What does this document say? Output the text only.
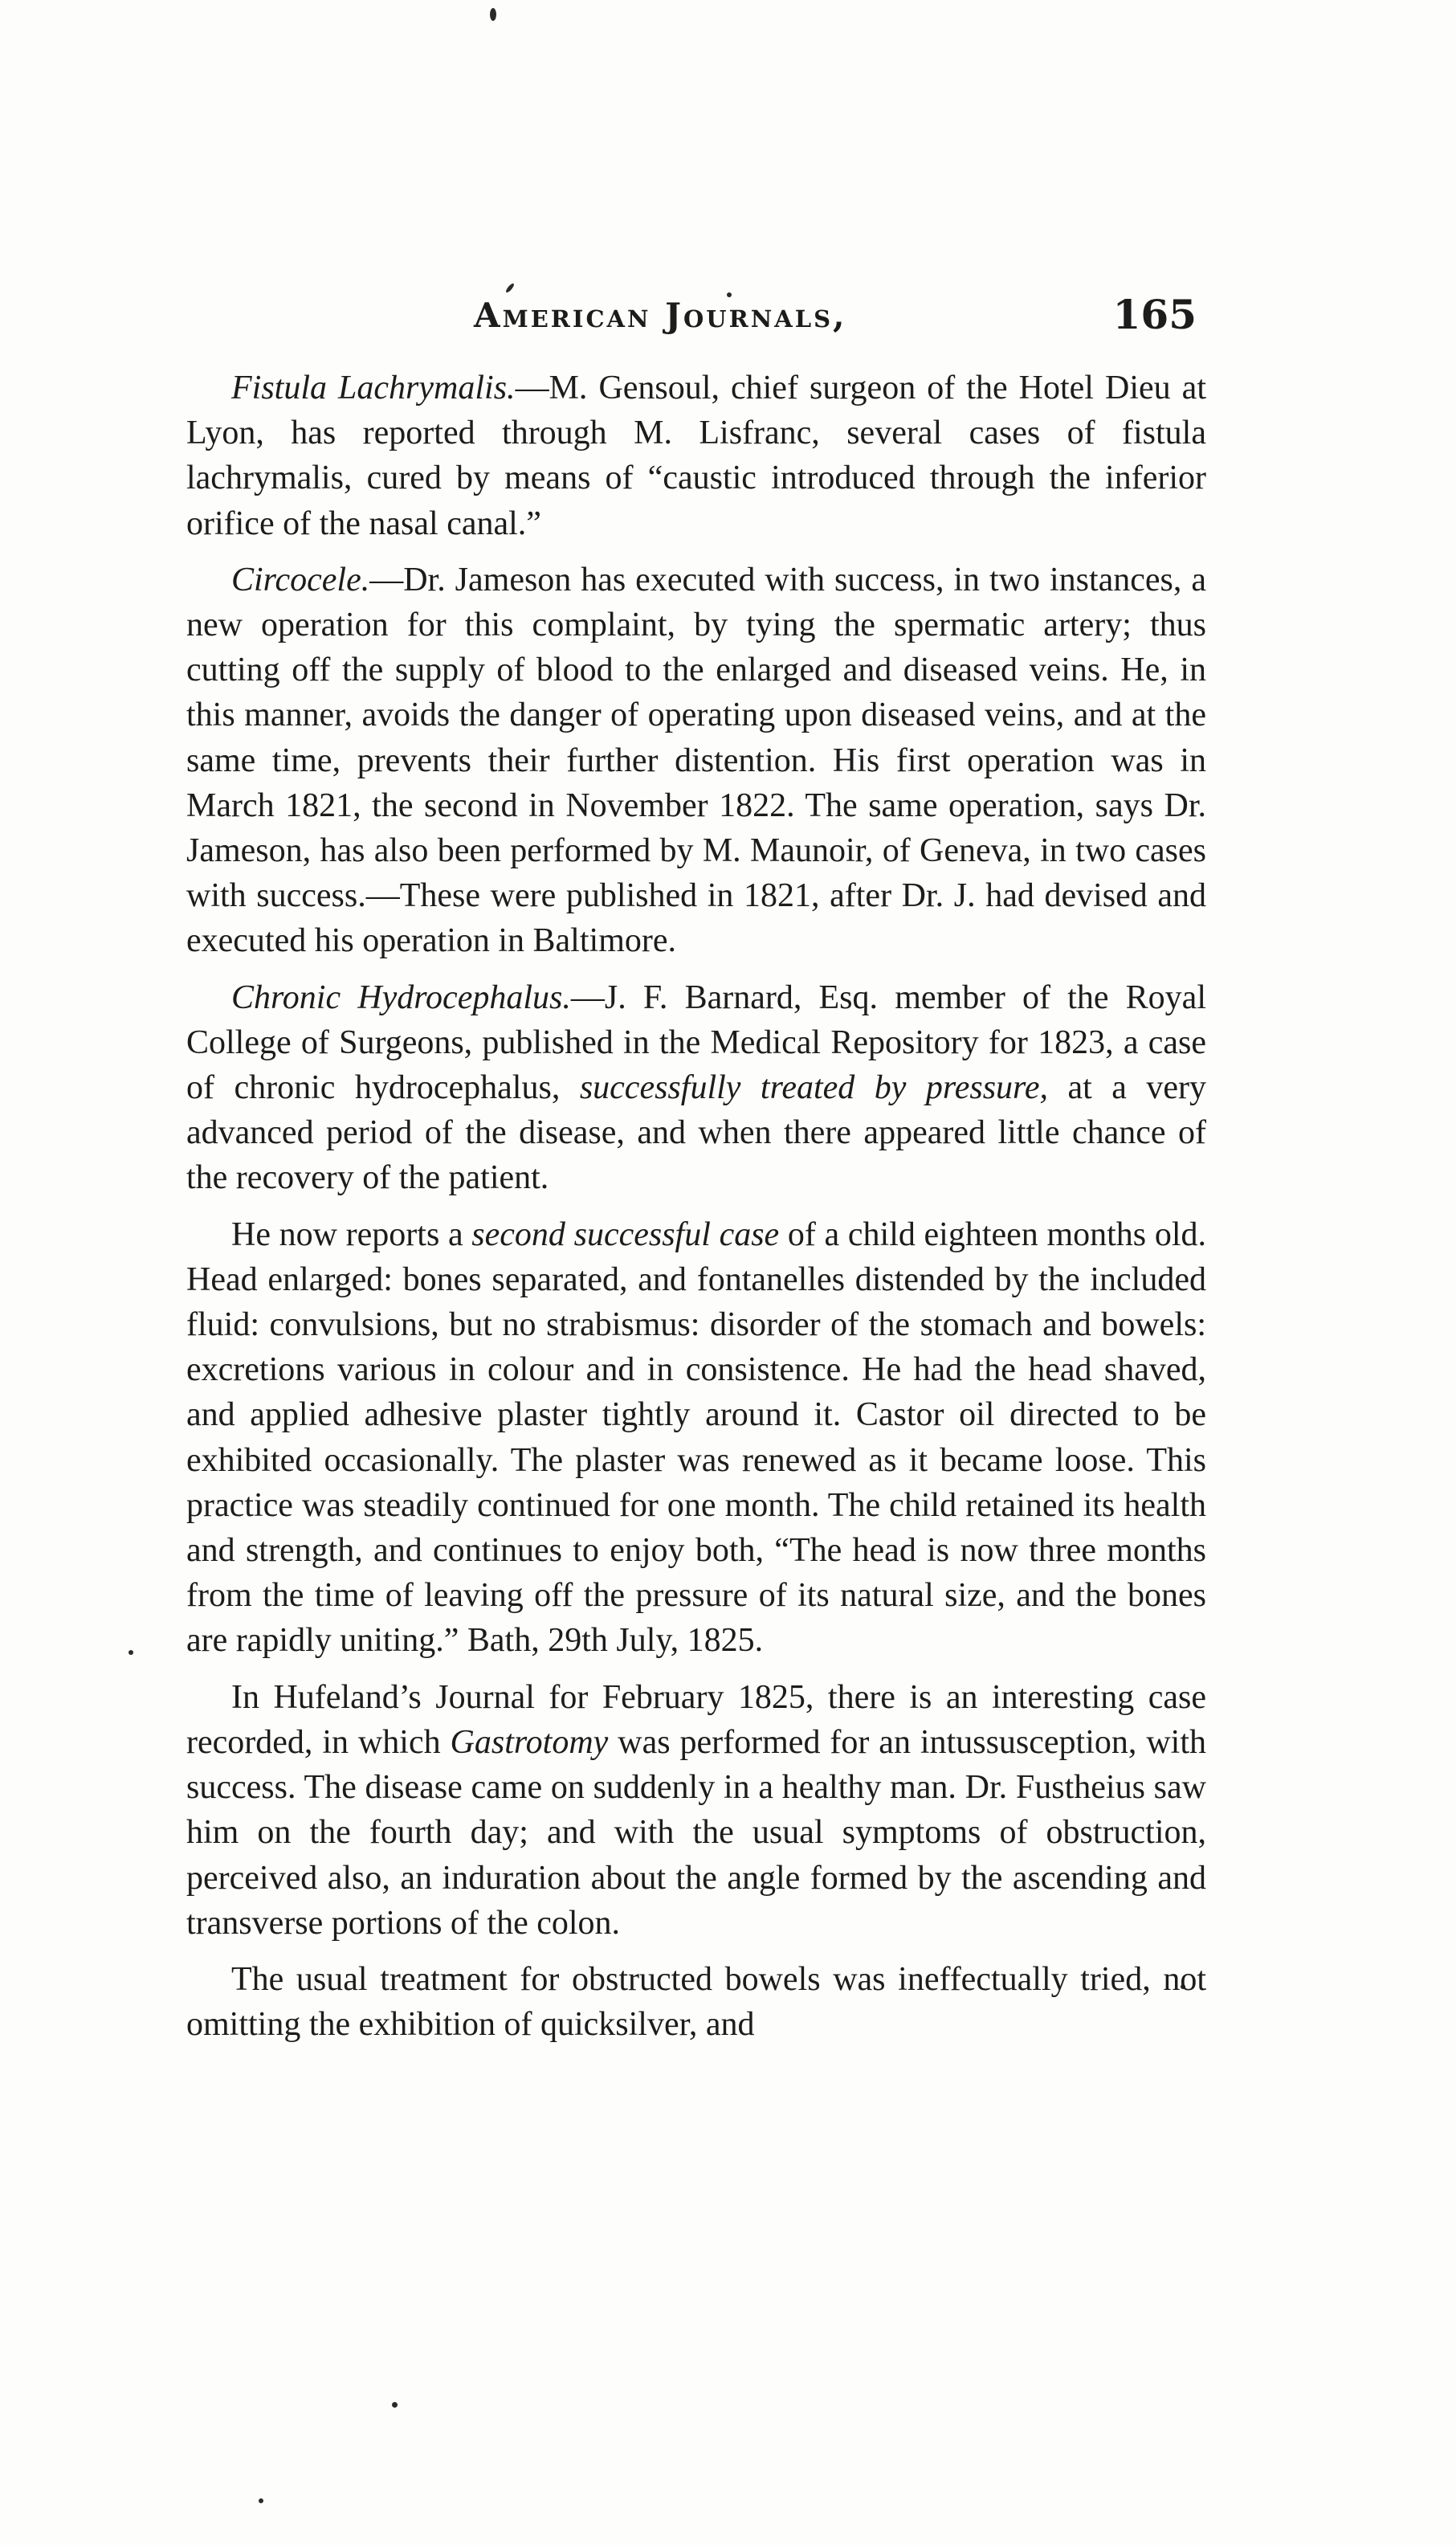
American Journals,	165

Fistula Lachrymalis.—M. Gensoul, chief surgeon of the Hotel Dieu at Lyon, has reported through M. Lisfranc, several cases of fistula lachrymalis, cured by means of “caustic introduced through the inferior orifice of the nasal canal.”

Circocele.—Dr. Jameson has executed with success, in two instances, a new operation for this complaint, by tying the spermatic artery; thus cutting off the supply of blood to the enlarged and diseased veins. He, in this manner, avoids the danger of operating upon diseased veins, and at the same time, prevents their further distention. His first operation was in March 1821, the second in November 1822. The same operation, says Dr. Jameson, has also been performed by M. Maunoir, of Geneva, in two cases with success.—These were published in 1821, after Dr. J. had devised and executed his operation in Baltimore.

Chronic Hydrocephalus.—J. F. Barnard, Esq. member of the Royal College of Surgeons, published in the Medical Repository for 1823, a case of chronic hydrocephalus, successfully treated by pressure, at a very advanced period of the disease, and when there appeared little chance of the recovery of the patient.

He now reports a second successful case of a child eighteen months old. Head enlarged: bones separated, and fontanelles distended by the included fluid: convulsions, but no strabismus: disorder of the stomach and bowels: excretions various in colour and in consistence. He had the head shaved, and applied adhesive plaster tightly around it. Castor oil directed to be exhibited occasionally. The plaster was renewed as it became loose. This practice was steadily continued for one month. The child retained its health and strength, and continues to enjoy both, “The head is now three months from the time of leaving off the pressure of its natural size, and the bones are rapidly uniting.” Bath, 29th July, 1825.

In Hufeland’s Journal for February 1825, there is an interesting case recorded, in which Gastrotomy was performed for an intussusception, with success. The disease came on suddenly in a healthy man. Dr. Fustheius saw him on the fourth day; and with the usual symptoms of obstruction, perceived also, an induration about the angle formed by the ascending and transverse portions of the colon.

The usual treatment for obstructed bowels was ineffectually tried, not omitting the exhibition of quicksilver, and
